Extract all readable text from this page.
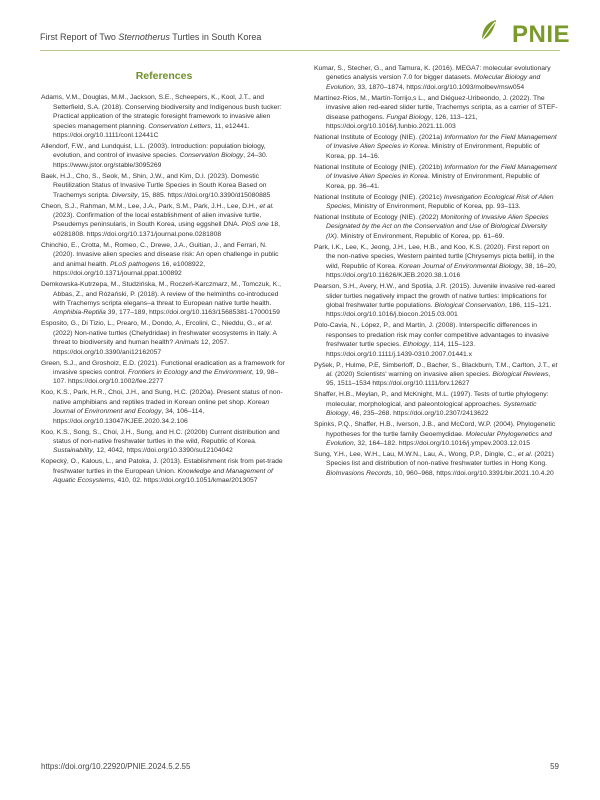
First Report of Two Sternotherus Turtles in South Korea	PNIE
References
Adams, V.M., Douglas, M.M., Jackson, S.E., Scheepers, K., Kool, J.T., and Setterfield, S.A. (2018). Conserving biodiversity and Indigenous bush tucker: Practical application of the strategic foresight framework to invasive alien species management planning. Conservation Letters, 11, e12441. https://doi.org/10.1111/conl.12441C
Allendorf, F.W., and Lundquist, L.L. (2003). Introduction: population biology, evolution, and control of invasive species. Conservation Biology, 24–30. https://www.jstor.org/stable/3095269
Baek, H.J., Cho, S., Seok, M., Shin, J.W., and Kim, D.I. (2023). Domestic Reutilization Status of Invasive Turtle Species in South Korea Based on Trachemys scripta. Diversity, 15, 885. https://doi.org/10.3390/d15080885
Cheon, S.J., Rahman, M.M., Lee, J.A., Park, S.M., Park, J.H., Lee, D.H., et al. (2023). Confirmation of the local establishment of alien invasive turtle, Pseudemys peninsularis, in South Korea, using eggshell DNA. PloS one 18, e0281808. https://doi.org/10.1371/journal.pone.0281808
Chinchio, E., Crotta, M., Romeo, C., Drewe, J.A., Guitian, J., and Ferrari, N. (2020). Invasive alien species and disease risk: An open challenge in public and animal health. PLoS pathogens 16, e1008922, https://doi.org/10.1371/journal.ppat.100892
Demkowska-Kutrzepa, M., Studzińska, M., Roczeń-Karczmarz, M., Tomczuk, K., Abbas, Z., and Różański, P. (2018). A review of the helminths co-introduced with Trachemys scripta elegans–a threat to European native turtle health. Amphibia-Reptilia 39, 177–189, https://doi.org/10.1163/15685381-17000159
Esposito, G., Di Tizio, L., Prearo, M., Dondo, A., Ercolini, C., Nieddu, G., et al. (2022) Non-native turtles (Chelydridae) in freshwater ecosystems in Italy: A threat to biodiversity and human health? Animals 12, 2057. https://doi.org/10.3390/ani12162057
Green, S.J., and Grosholz, E.D. (2021). Functional eradication as a framework for invasive species control. Frontiers in Ecology and the Environment, 19, 98–107. https://doi.org/10.1002/fee.2277
Koo, K.S., Park, H.R., Choi, J.H., and Sung, H.C. (2020a). Present status of non-native amphibians and reptiles traded in Korean online pet shop. Korean Journal of Environment and Ecology, 34, 106–114, https://doi.org/10.13047/KJEE.2020.34.2.106
Koo, K.S., Song, S., Choi, J.H., Sung, and H.C. (2020b) Current distribution and status of non-native freshwater turtles in the wild, Republic of Korea. Sustainability, 12, 4042, https://doi.org/10.3390/su12104042
Kopecký, O., Kalous, L., and Patoka, J. (2013). Establishment risk from pet-trade freshwater turtles in the European Union. Knowledge and Management of Aquatic Ecosystems, 410, 02. https://doi.org/10.1051/kmae/2013057
Kumar, S., Stecher, G., and Tamura, K. (2016). MEGA7: molecular evolutionary genetics analysis version 7.0 for bigger datasets. Molecular Biology and Evolution, 33, 1870–1874, https://doi.org/10.1093/molbev/msw054
Martínez-Ríos, M., Martín-Torrijo,s L., and Diéguez-Uribeondo, J. (2022). The invasive alien red-eared slider turtle, Trachemys scripta, as a carrier of STEF-disease pathogens. Fungal Biology, 126, 113–121, https://doi.org/10.1016/j.funbio.2021.11.003
National Institute of Ecology (NIE). (2021a) Information for the Field Management of Invasive Alien Species in Korea. Ministry of Environment, Republic of Korea, pp. 14–16.
National Institute of Ecology (NIE). (2021b) Information for the Field Management of Invasive Alien Species in Korea. Ministry of Environment, Republic of Korea, pp. 36–41.
National Institute of Ecology (NIE). (2021c) Investigation Ecological Risk of Alien Species, Ministry of Environment, Republic of Korea, pp. 93–113.
National Institute of Ecology (NIE). (2022) Monitoring of Invasive Alien Species Designated by the Act on the Conservation and Use of Biological Diversity (IX). Ministry of Environment, Republic of Korea, pp. 61–69.
Park, I.K., Lee, K., Jeong, J.H., Lee, H.B., and Koo, K.S. (2020). First report on the non-native species, Western painted turtle [Chrysemys picta bellii], in the wild, Republic of Korea. Korean Journal of Environmental Biology, 38, 16–20, https://doi.org/10.11626/KJEB.2020.38.1.016
Pearson, S.H., Avery, H.W., and Spotila, J.R. (2015). Juvenile invasive red-eared slider turtles negatively impact the growth of native turtles: Implications for global freshwater turtle populations. Biological Conservation, 186, 115–121. https://doi.org/10.1016/j.biocon.2015.03.001
Polo-Cavia, N., López, P., and Martín, J. (2008). Interspecific differences in responses to predation risk may confer competitive advantages to invasive freshwater turtle species. Ethology, 114, 115–123. https://doi.org/10.1111/j.1439-0310.2007.01441.x
Pyšek, P., Hulme, P.E, Simberloff, D., Bacher, S., Blackburn, T.M., Carlton, J.T., et al. (2020) Scientists' warning on invasive alien species. Biological Reviews, 95, 1511–1534 https://doi.org/10.1111/brv.12627
Shaffer, H.B., Meylan, P., and McKnight, M.L. (1997). Tests of turtle phylogeny: molecular, morphological, and paleontological approaches. Systematic Biology, 46, 235–268. https://doi.org/10.2307/2413622
Spinks, P.Q., Shaffer, H.B., Iverson, J.B., and McCord, W.P. (2004). Phylogenetic hypotheses for the turtle family Geoemydidae. Molecular Phylogenetics and Evolution, 32, 164–182. https://doi.org/10.1016/j.ympev.2003.12.015
Sung, Y.H., Lee, W.H., Lau, M.W.N., Lau, A., Wong, P.P., Dingle, C., et al. (2021) Species list and distribution of non-native freshwater turtles in Hong Kong. BioInvasions Records, 10, 960–968, https://doi.org/10.3391/bir.2021.10.4.20
https://doi.org/10.22920/PNIE.2024.5.2.55	59
